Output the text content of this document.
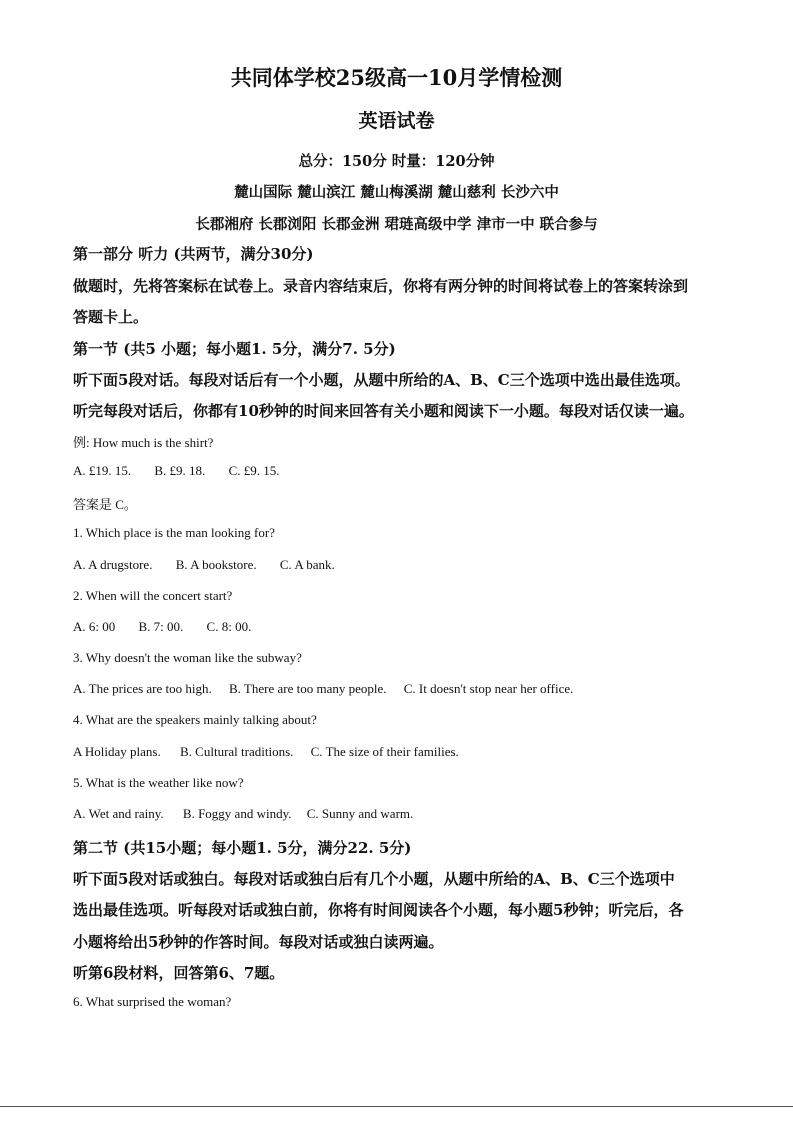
共同体学校25级高一10月学情检测
英语试卷
总分：150分 时量：120分钟
麓山国际 麓山滨江 麓山梅溪湖 麓山慈利 长沙六中
长郡湘府 长郡浏阳 长郡金洲 珺琏高级中学 津市一中 联合参与
第一部分 听力 (共两节，满分30分)
做题时，先将答案标在试卷上。录音内容结束后，你将有两分钟的时间将试卷上的答案转涂到
答题卡上。
第一节 (共5 小题；每小题1. 5分，满分7. 5分)
听下面5段对话。每段对话后有一个小题，从题中所给的A、B、C三个选项中选出最佳选项。
听完每段对话后，你都有10秒钟的时间来回答有关小题和阅读下一小题。每段对话仅读一遍。
例: How much is the shirt?
A. £19. 15. B. £9. 18. C. £9. 15.
答案是 C。
1. Which place is the man looking for?
A. A drugstore. B. A bookstore. C. A bank.
2. When will the concert start?
A. 6: 00 B. 7: 00. C. 8: 00.
3. Why doesn't the woman like the subway?
A. The prices are too high. B. There are too many people. C. It doesn't stop near her office.
4. What are the speakers mainly talking about?
A Holiday plans. B. Cultural traditions. C. The size of their families.
5. What is the weather like now?
A. Wet and rainy. B. Foggy and windy. C. Sunny and warm.
第二节 (共15小题；每小题1. 5分，满分22. 5分)
听下面5段对话或独白。每段对话或独白后有几个小题，从题中所给的A、B、C三个选项中
选出最佳选项。听每段对话或独白前，你将有时间阅读各个小题，每小题5秒钟；听完后，各
小题将给出5秒钟的作答时间。每段对话或独白读两遍。
听第6段材料，回答第6、7题。
6. What surprised the woman?
